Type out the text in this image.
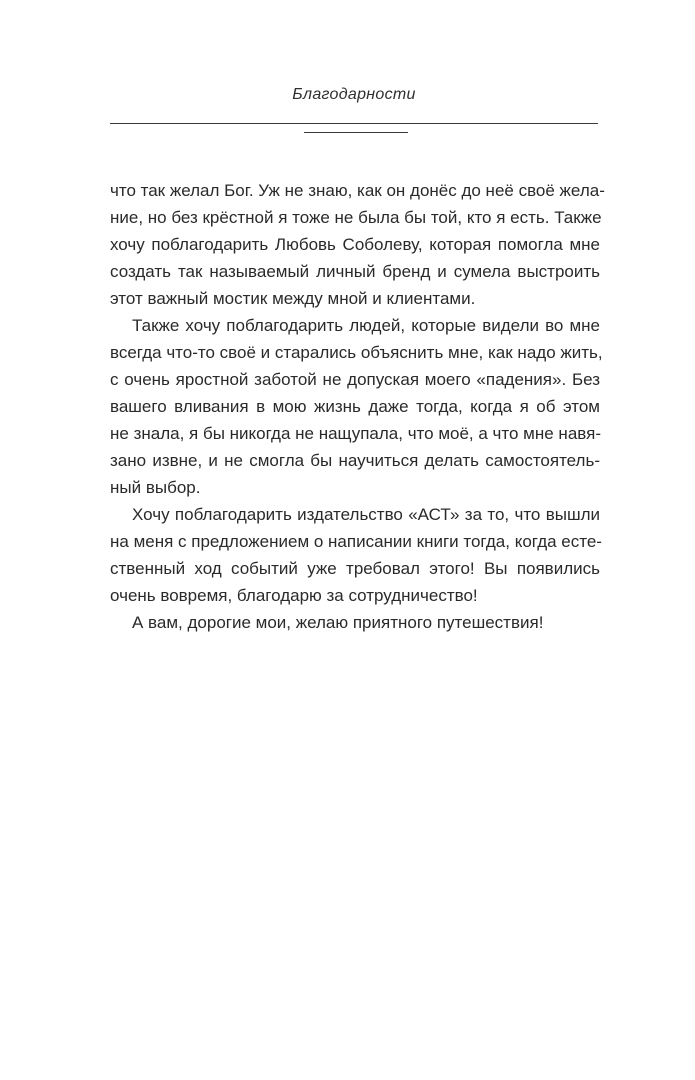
Благодарности
что так желал Бог. Уж не знаю, как он донёс до неё своё жела-
ние, но без крёстной я тоже не была бы той, кто я есть. Также
хочу поблагодарить Любовь Соболеву, которая помогла мне
создать так называемый личный бренд и сумела выстроить
этот важный мостик между мной и клиентами.
Также хочу поблагодарить людей, которые видели во мне
всегда что-то своё и старались объяснить мне, как надо жить,
с очень яростной заботой не допуская моего «падения». Без
вашего вливания в мою жизнь даже тогда, когда я об этом
не знала, я бы никогда не нащупала, что моё, а что мне навя-
зано извне, и не смогла бы научиться делать самостоятель-
ный выбор.
Хочу поблагодарить издательство «АСТ» за то, что вышли
на меня с предложением о написании книги тогда, когда есте-
ственный ход событий уже требовал этого! Вы появились
очень вовремя, благодарю за сотрудничество!
А вам, дорогие мои, желаю приятного путешествия!
